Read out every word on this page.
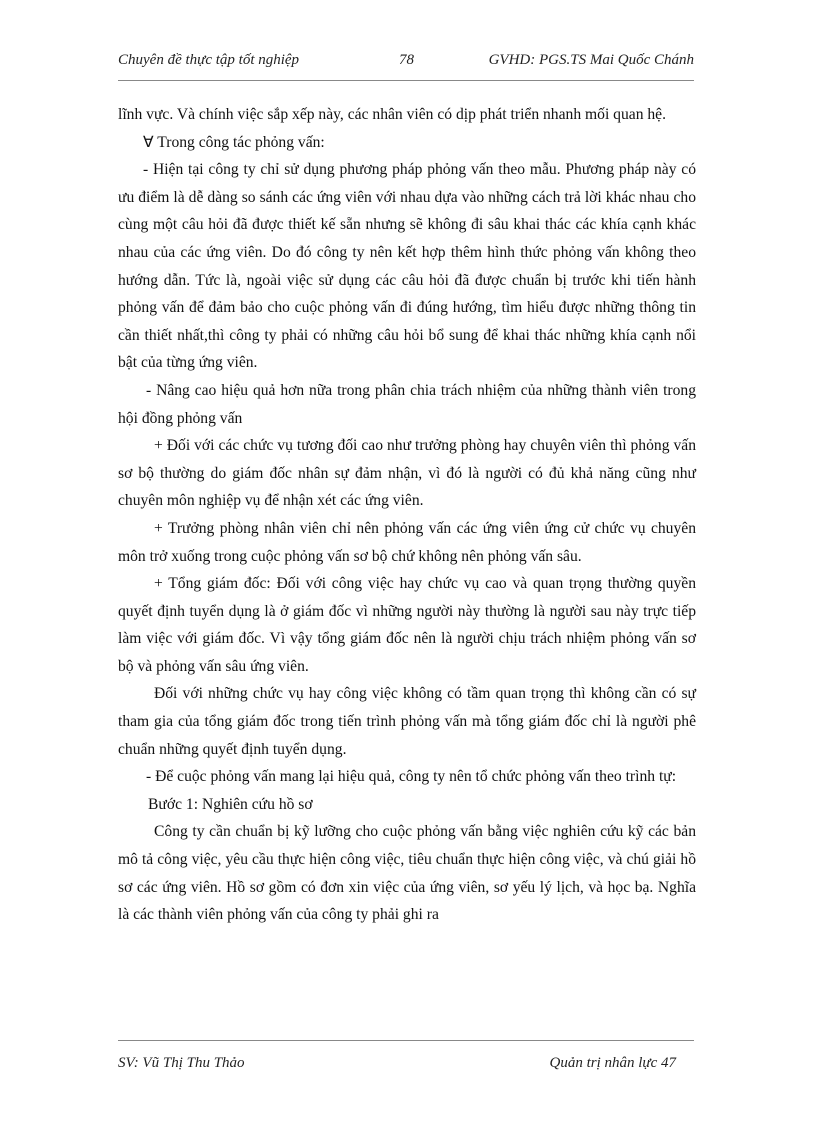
Chuyên đề thực tập tốt nghiệp	78	GVHD: PGS.TS Mai Quốc Chánh

lĩnh vực. Và chính việc sắp xếp này, các nhân viên có dịp phát triển nhanh mối quan hệ.

∀ Trong công tác phỏng vấn:

- Hiện tại công ty chỉ sử dụng phương pháp phỏng vấn theo mẫu. Phương pháp này có ưu điểm là dễ dàng so sánh các ứng viên với nhau dựa vào những cách trả lời khác nhau cho cùng một câu hỏi đã được thiết kế sẵn nhưng sẽ không đi sâu khai thác các khía cạnh khác nhau của các ứng viên. Do đó công ty nên kết hợp thêm hình thức phỏng vấn không theo hướng dẫn. Tức là, ngoài việc sử dụng các câu hỏi đã được chuẩn bị trước khi tiến hành phỏng vấn để đảm bảo cho cuộc phỏng vấn đi đúng hướng, tìm hiểu được những thông tin cần thiết nhất,thì công ty phải có những câu hỏi bổ sung để khai thác những khía cạnh nổi bật của từng ứng viên.

- Nâng cao hiệu quả hơn nữa trong phân chia trách nhiệm của những thành viên trong hội đồng phỏng vấn

+ Đối với các chức vụ tương đối cao như trưởng phòng hay chuyên viên thì phỏng vấn sơ bộ thường do giám đốc nhân sự đảm nhận, vì đó là người có đủ khả năng cũng như chuyên môn nghiệp vụ để nhận xét các ứng viên.

+ Trưởng phòng nhân viên chỉ nên phỏng vấn các ứng viên ứng cử chức vụ chuyên môn trở xuống trong cuộc phỏng vấn sơ bộ chứ không nên phỏng vấn sâu.

+ Tổng giám đốc: Đối với công việc hay chức vụ cao và quan trọng thường quyền quyết định tuyển dụng là ở giám đốc vì những người này thường là người sau này trực tiếp làm việc với giám đốc. Vì vậy tổng giám đốc nên là người chịu trách nhiệm phỏng vấn sơ bộ và phỏng vấn sâu ứng viên.

Đối với những chức vụ hay công việc không có tầm quan trọng thì không cần có sự tham gia của tổng giám đốc trong tiến trình phỏng vấn mà tổng giám đốc chỉ là người phê chuẩn những quyết định tuyển dụng.

- Để cuộc phỏng vấn mang lại hiệu quả, công ty nên tổ chức phỏng vấn theo trình tự:

Bước 1: Nghiên cứu hồ sơ

Công ty cần chuẩn bị kỹ lưỡng cho cuộc phỏng vấn bằng việc nghiên cứu kỹ các bản mô tả công việc, yêu cầu thực hiện công việc, tiêu chuẩn thực hiện công việc, và chú giải hồ sơ các ứng viên. Hồ sơ gồm có đơn xin việc của ứng viên, sơ yếu lý lịch, và học bạ. Nghĩa là các thành viên phỏng vấn của công ty phải ghi ra

SV: Vũ Thị Thu Thảo	Quản trị nhân lực 47
